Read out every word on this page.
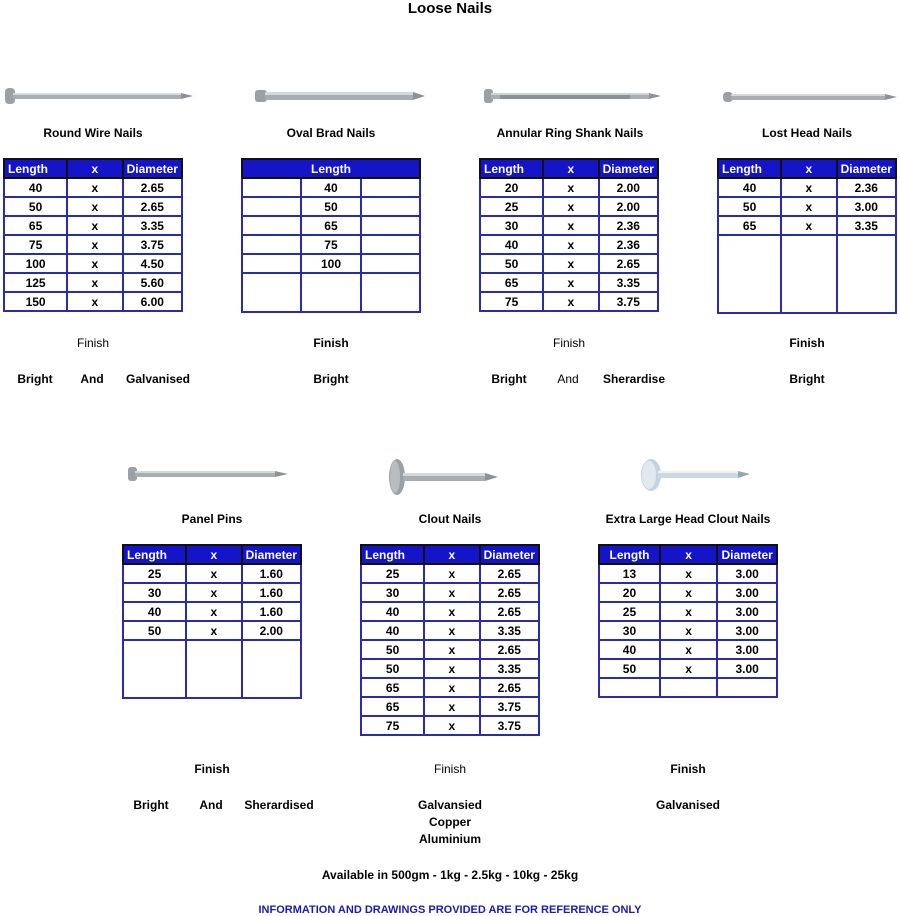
Loose Nails
Round Wire Nails
Length	x	Diameter
40	x	2.65
50	x	2.65
65	x	3.35
75	x	3.75
100	x	4.50
125	x	5.60
150	x	6.00
Finish
Bright	And	Galvanised
Oval Brad Nails
Length		
	40	
	50	
	65	
	75	
	100	

Finish
Bright
Annular Ring Shank Nails
Length	x	Diameter
20	x	2.00
25	x	2.00
30	x	2.36
40	x	2.36
50	x	2.65
65	x	3.35
75	x	3.75
Finish
Bright	And	Sherardise
Lost Head Nails
Length	x	Diameter
40	x	2.36
50	x	3.00
65	x	3.35

Finish
Bright
Panel Pins
Length	x	Diameter
25	x	1.60
30	x	1.60
40	x	1.60
50	x	2.00

Finish
Bright	And	Sherardised
Clout Nails
Length	x	Diameter
25	x	2.65
30	x	2.65
40	x	2.65
40	x	3.35
50	x	2.65
50	x	3.35
65	x	2.65
65	x	3.75
75	x	3.75
Finish
Galvansied
Copper
Aluminium
Extra Large Head Clout Nails
Length	x	Diameter
13	x	3.00
20	x	3.00
25	x	3.00
30	x	3.00
40	x	3.00
50	x	3.00

Finish
Galvanised
Available in 500gm - 1kg - 2.5kg - 10kg - 25kg
INFORMATION AND DRAWINGS PROVIDED ARE FOR REFERENCE ONLY
